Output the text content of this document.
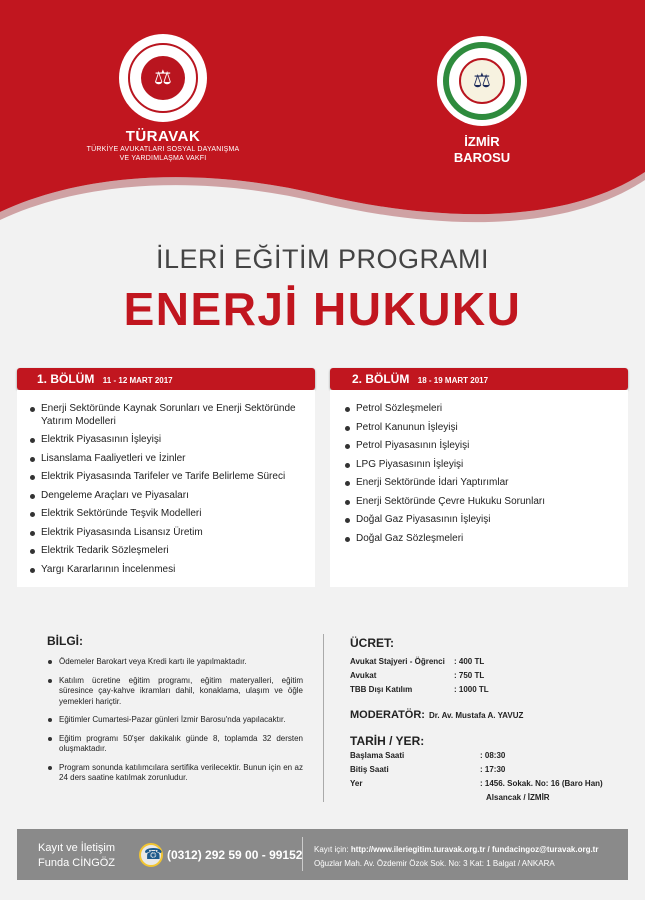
⚖
TÜRAVAK
TÜRKİYE AVUKATLARI SOSYAL DAYANIŞMA
VE YARDIMLAŞMA VAKFI
⚖
İZMİR
BAROSU
İLERİ EĞİTİM PROGRAMI
ENERJİ HUKUKU
1. BÖLÜM 11 - 12 MART 2017
Enerji Sektöründe Kaynak Sorunları ve Enerji Sektöründe Yatırım Modelleri
Elektrik Piyasasının İşleyişi
Lisanslama Faaliyetleri ve İzinler
Elektrik Piyasasında Tarifeler ve Tarife Belirleme Süreci
Dengeleme Araçları ve Piyasaları
Elektrik Sektöründe Teşvik Modelleri
Elektrik Piyasasında Lisansız Üretim
Elektrik Tedarik Sözleşmeleri
Yargı Kararlarının İncelenmesi
2. BÖLÜM 18 - 19 MART 2017
Petrol Sözleşmeleri
Petrol Kanunun İşleyişi
Petrol Piyasasının İşleyişi
LPG Piyasasının İşleyişi
Enerji Sektöründe İdari Yaptırımlar
Enerji Sektöründe Çevre Hukuku Sorunları
Doğal Gaz Piyasasının İşleyişi
Doğal Gaz Sözleşmeleri
BİLGİ:
Ödemeler Barokart veya Kredi kartı ile yapılmaktadır.
Katılım ücretine eğitim programı, eğitim materyalleri, eğitim süresince çay-kahve ikramları dahil, konaklama, ulaşım ve öğle yemekleri hariçtir.
Eğitimler Cumartesi-Pazar günleri İzmir Barosu'nda yapılacaktır.
Eğitim programı 50'şer dakikalık günde 8, toplamda 32 dersten oluşmaktadır.
Program sonunda katılımcılara sertifika verilecektir. Bunun için en az 24 ders saatine katılmak zorunludur.
ÜCRET:
Avukat Stajyeri - Öğrenci	: 400 TL
Avukat	: 750 TL
TBB Dışı Katılım	: 1000 TL
MODERATÖR: Dr. Av. Mustafa A. YAVUZ
TARİH / YER:
Başlama Saati	: 08:30
Bitiş Saati	: 17:30
Yer	: 1456. Sokak. No: 16 (Baro Han)
Alsancak / İZMİR
Kayıt ve İletişim
Funda CİNGÖZ
☎
(0312) 292 59 00 - 99152 Kayıt için: http://www.ileriegitim.turavak.org.tr / fundacingoz@turavak.org.tr
Oğuzlar Mah. Av. Özdemir Özok Sok. No: 3 Kat: 1 Balgat / ANKARA
